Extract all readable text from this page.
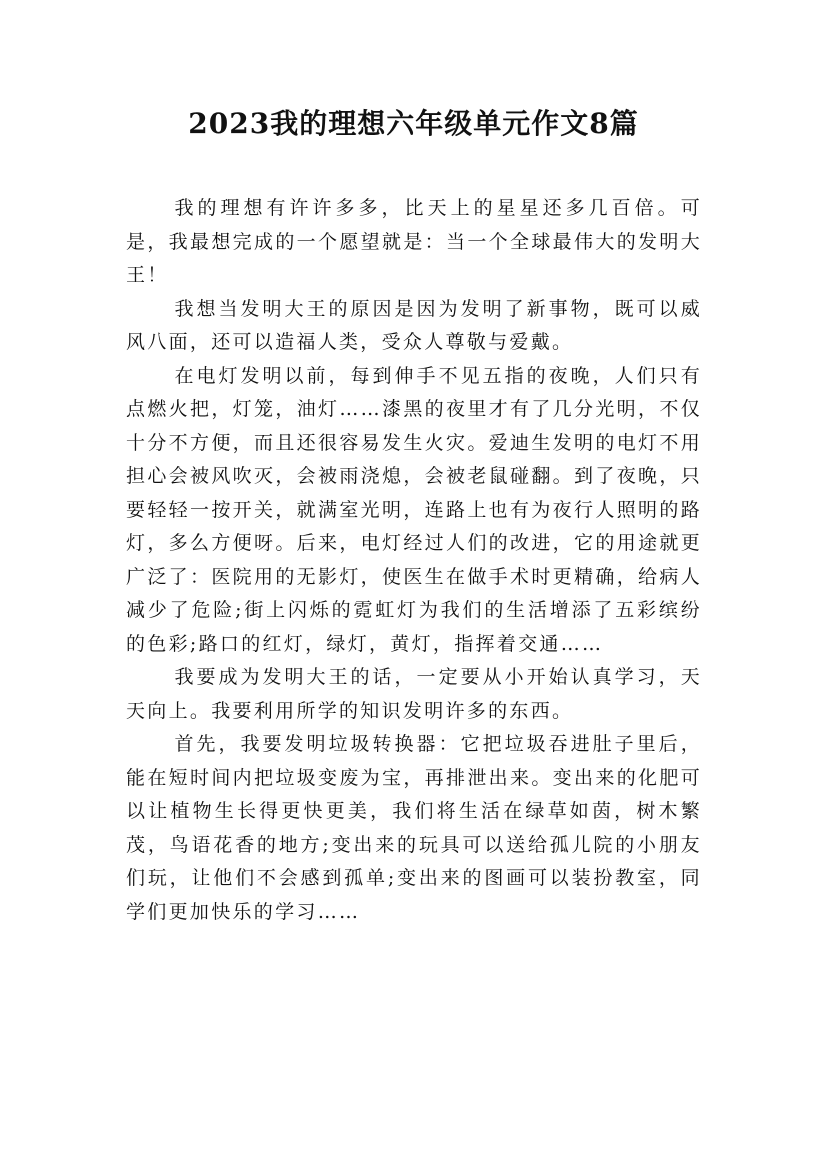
2023我的理想六年级单元作文8篇

我的理想有许许多多，比天上的星星还多几百倍。可是，我最想完成的一个愿望就是：当一个全球最伟大的发明大王！

我想当发明大王的原因是因为发明了新事物，既可以威风八面，还可以造福人类，受众人尊敬与爱戴。

在电灯发明以前，每到伸手不见五指的夜晚，人们只有点燃火把，灯笼，油灯……漆黑的夜里才有了几分光明，不仅十分不方便，而且还很容易发生火灾。爱迪生发明的电灯不用担心会被风吹灭，会被雨浇熄，会被老鼠碰翻。到了夜晚，只要轻轻一按开关，就满室光明，连路上也有为夜行人照明的路灯，多么方便呀。后来，电灯经过人们的改进，它的用途就更广泛了：医院用的无影灯，使医生在做手术时更精确，给病人减少了危险;街上闪烁的霓虹灯为我们的生活增添了五彩缤纷的色彩;路口的红灯，绿灯，黄灯，指挥着交通……

我要成为发明大王的话，一定要从小开始认真学习，天天向上。我要利用所学的知识发明许多的东西。

首先，我要发明垃圾转换器：它把垃圾吞进肚子里后，能在短时间内把垃圾变废为宝，再排泄出来。变出来的化肥可以让植物生长得更快更美，我们将生活在绿草如茵，树木繁茂，鸟语花香的地方;变出来的玩具可以送给孤儿院的小朋友们玩，让他们不会感到孤单;变出来的图画可以装扮教室，同学们更加快乐的学习……
